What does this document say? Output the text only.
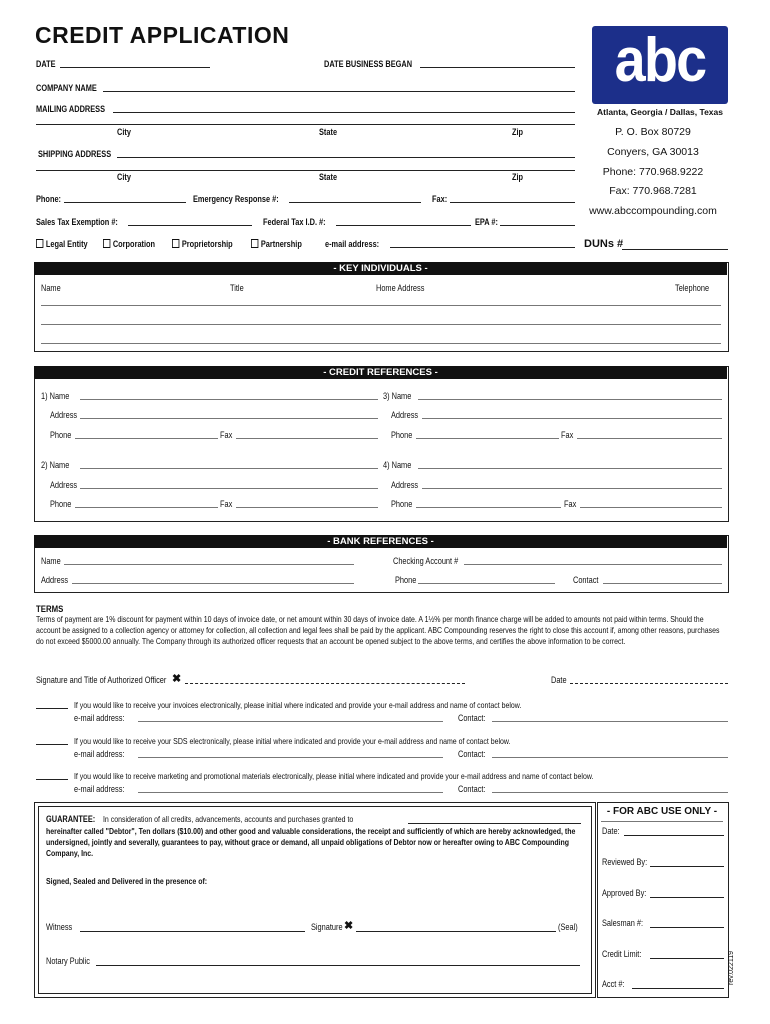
CREDIT APPLICATION	abc
Atlanta, Georgia / Dallas, Texas
P. O. Box 80729
Conyers, GA 30013
Phone: 770.968.9222
Fax: 770.968.7281
www.abccompounding.com
DATE	DATE BUSINESS BEGAN
COMPANY NAME
MAILING ADDRESS
City	State	Zip
SHIPPING ADDRESS
City	State	Zip
Phone:	Emergency Response #:	Fax:
Sales Tax Exemption #:	Federal Tax I.D. #:	EPA #:
Legal Entity	Corporation	Proprietorship	Partnership	e-mail address:	DUNs #
- KEY INDIVIDUALS -
Name	Title	Home Address	Telephone
- CREDIT REFERENCES -
1) Name
Address
Phone	Fax
3) Name
Address
Phone	Fax
2) Name
Address
Phone	Fax
4) Name
Address
Phone	Fax
- BANK REFERENCES -
Name	Checking Account #
Address	Phone	Contact
TERMS
Terms of payment are 1% discount for payment within 10 days of invoice date, or net amount within 30 days of invoice date. A 1½% per month finance charge will be added to amounts not paid within terms. Should the account be assigned to a collection agency or attorney for collection, all collection and legal fees shall be paid by the applicant. ABC Compounding reserves the right to close this account if, among other reasons, purchases do not exceed $5000.00 annually. The Company through its authorized officer requests that an account be opened subject to the above terms, and certifies the above information to be correct.
Signature and Title of Authorized Officer ✖	Date
If you would like to receive your invoices electronically, please initial where indicated and provide your e-mail address and name of contact below.
e-mail address:	Contact:
If you would like to receive your SDS electronically, please initial where indicated and provide your e-mail address and name of contact below.
e-mail address:	Contact:
If you would like to receive marketing and promotional materials electronically, please initial where indicated and provide your e-mail address and name of contact below.
e-mail address:	Contact:
GUARANTEE: In consideration of all credits, advancements, accounts and purchases granted to
hereinafter called "Debtor", Ten dollars ($10.00) and other good and valuable considerations, the receipt and sufficiently of which are hereby acknowledged, the undersigned, jointly and severally, guarantees to pay, without grace or demand, all unpaid obligations of Debtor now or hereafter owing to ABC Compounding Company, Inc.
Signed, Sealed and Delivered in the presence of:
Witness	Signature ✖	(Seal)
Notary Public
- FOR ABC USE ONLY -
Date:
Reviewed By:
Approved By:
Salesman #:
Credit Limit:
Acct #:	rev.022119
